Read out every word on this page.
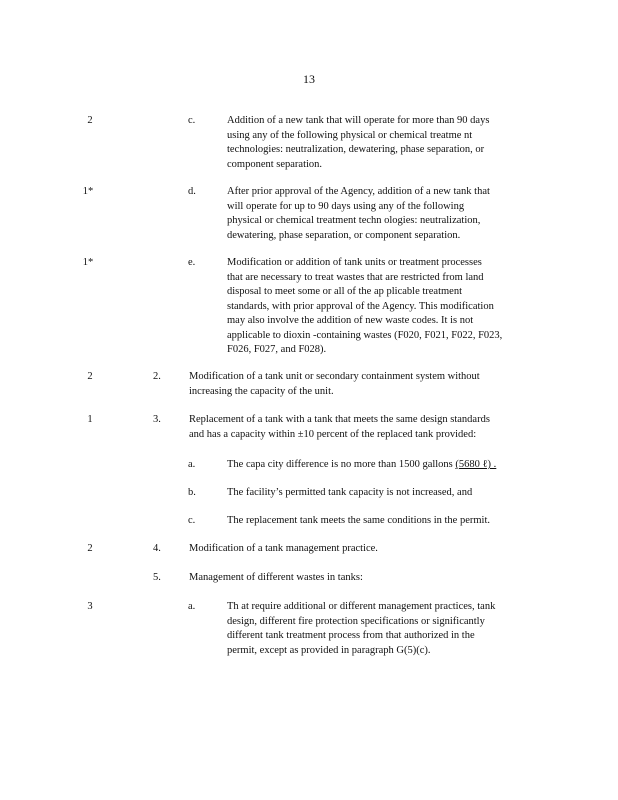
13
2	c.	Addition of a new tank that will operate for more than 90 days
using any of the following physical or chemical treatme nt
technologies: neutralization, dewatering, phase separation, or
component separation.
1*	d.	After prior approval of the Agency, addition of a new tank that
will operate for up to 90 days using any of the following
physical or chemical treatment techn ologies: neutralization,
dewatering, phase separation, or component separation.
1*	e.	Modification or addition of tank units or treatment processes
that are necessary to treat wastes that are restricted from land
disposal to meet some or all of the ap plicable treatment
standards, with prior approval of the Agency. This modification
may also involve the addition of new waste codes. It is not
applicable to dioxin -containing wastes (F020, F021, F022, F023,
F026, F027, and F028).
2	2.	Modification of a tank unit or secondary containment system without
increasing the capacity of the unit.
1	3.	Replacement of a tank with a tank that meets the same design standards
and has a capacity within ±10 percent of the replaced tank provided:
a.	The capa city difference is no more than 1500 gallons (5680 ℓ) .
b.	The facility’s permitted tank capacity is not increased, and
c.	The replacement tank meets the same conditions in the permit.
2	4.	Modification of a tank management practice.
5.	Management of different wastes in tanks:
3	a.	Th at require additional or different management practices, tank
design, different fire protection specifications or significantly
different tank treatment process from that authorized in the
permit, except as provided in paragraph G(5)(c).
